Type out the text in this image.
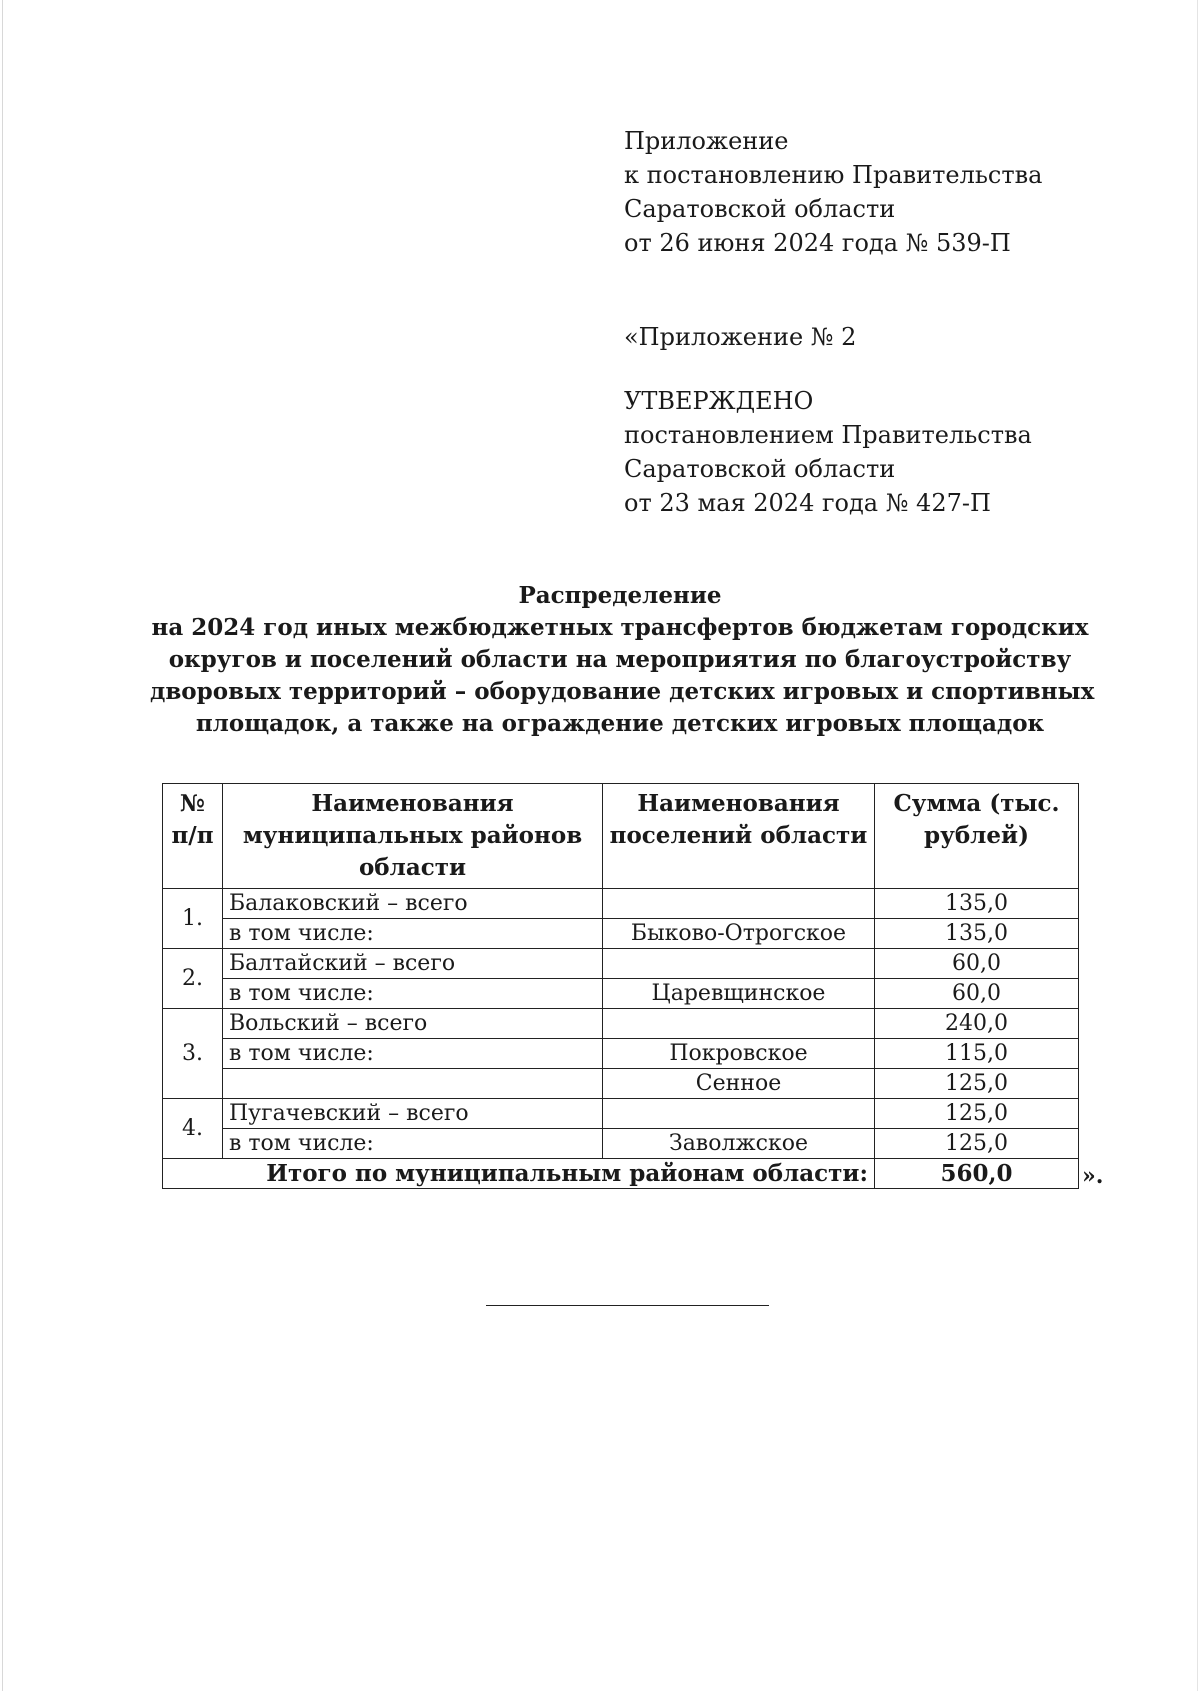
Приложение
к постановлению Правительства
Саратовской области
от 26 июня 2024 года № 539-П
«Приложение № 2
УТВЕРЖДЕНО
постановлением Правительства
Саратовской области
от 23 мая 2024 года № 427-П
Распределение
на 2024 год иных межбюджетных трансфертов бюджетам городских
округов и поселений области на мероприятия по благоустройству
дворовых территорий – оборудование детских игровых и спортивных
площадок, а также на ограждение детских игровых площадок
№ п/п	Наименования муниципальных районов области	Наименования поселений области	Сумма (тыс. рублей)
1.	Балаковский – всего		135,0
	в том числе:	Быково-Отрогское	135,0
2.	Балтайский – всего		60,0
	в том числе:	Царевщинское	60,0
3.	Вольский – всего		240,0
	в том числе:	Покровское	115,0
		Сенное	125,0
4.	Пугачевский – всего		125,0
	в том числе:	Заволжское	125,0
Итого по муниципальным районам области:			560,0	».
